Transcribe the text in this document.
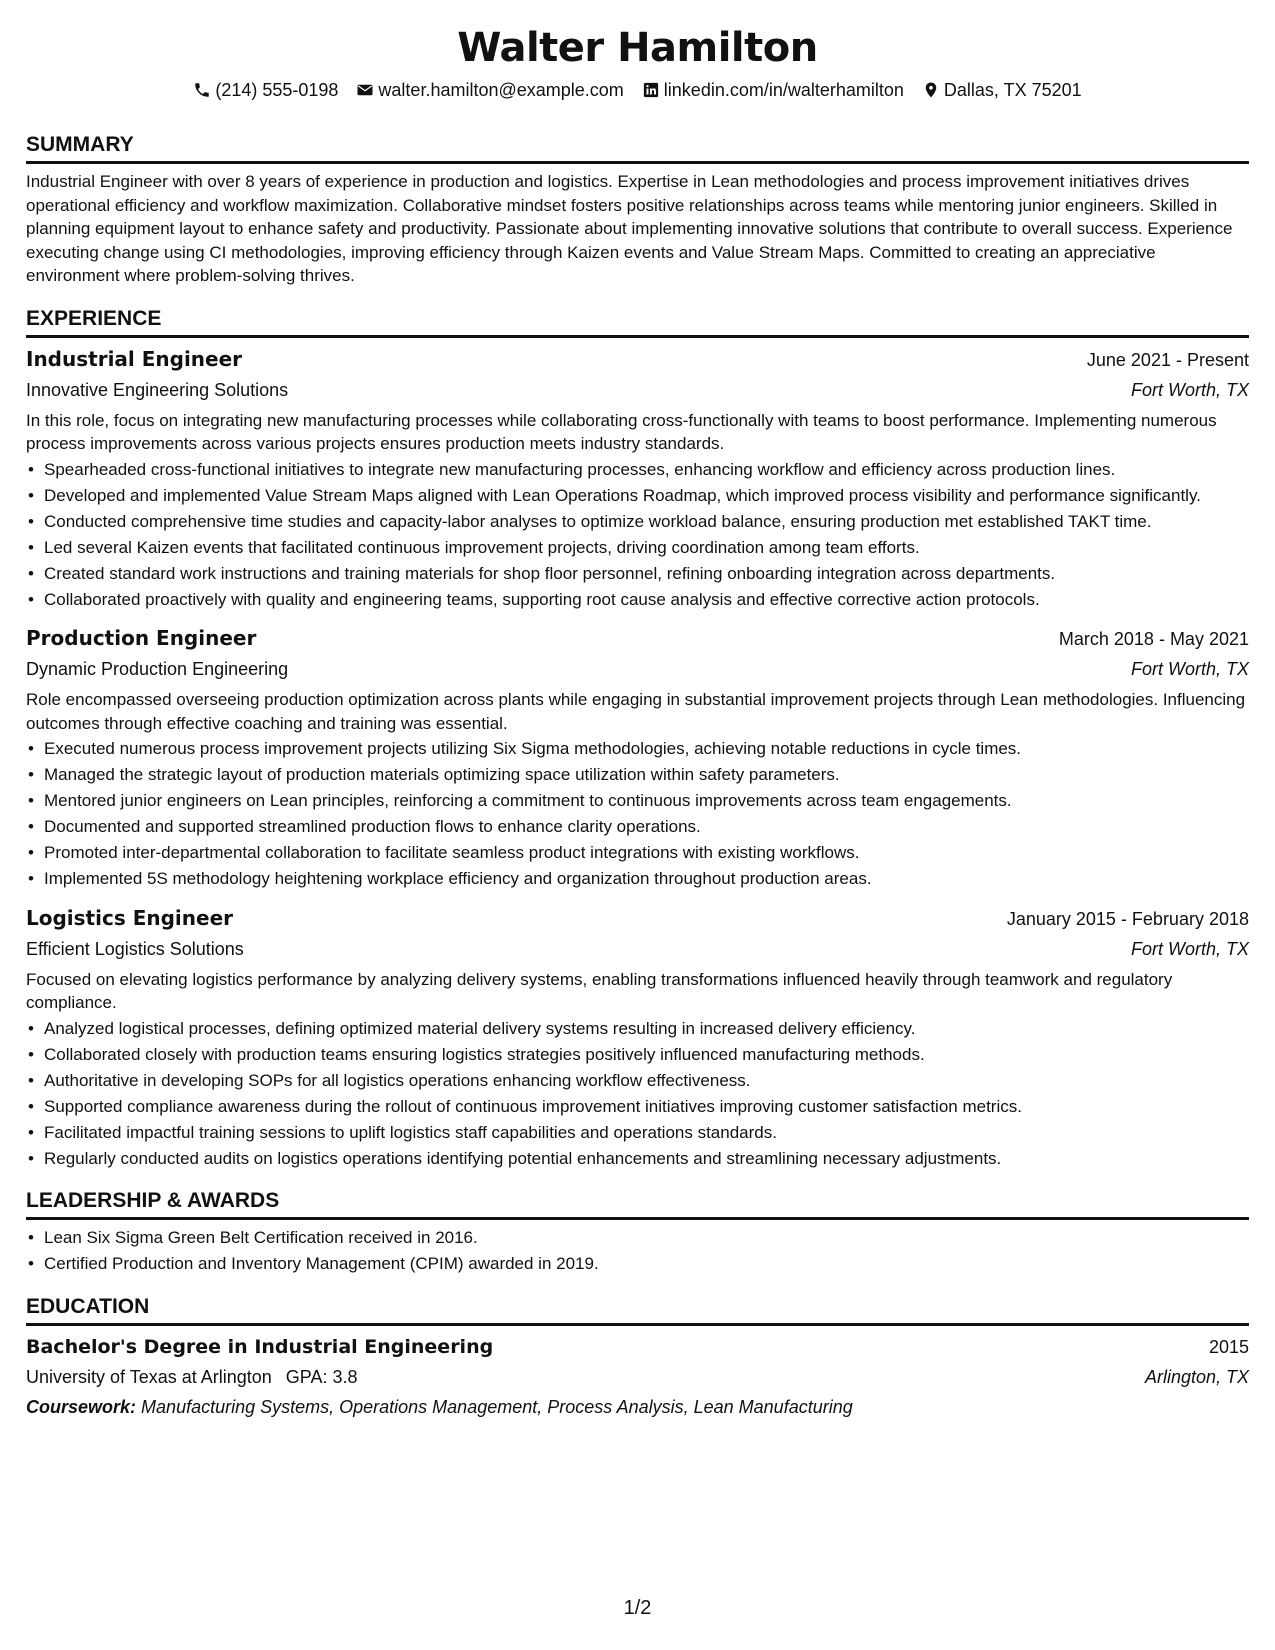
Walter Hamilton
(214) 555-0198 walter.hamilton@example.com linkedin.com/in/walterhamilton Dallas, TX 75201
SUMMARY

Industrial Engineer with over 8 years of experience in production and logistics. Expertise in Lean methodologies and process improvement initiatives drives operational efficiency and workflow maximization. Collaborative mindset fosters positive relationships across teams while mentoring junior engineers. Skilled in planning equipment layout to enhance safety and productivity. Passionate about implementing innovative solutions that contribute to overall success. Experience executing change using CI methodologies, improving efficiency through Kaizen events and Value Stream Maps. Committed to creating an appreciative environment where problem-solving thrives.

EXPERIENCE
Industrial Engineer	June 2021 - Present
Innovative Engineering Solutions	Fort Worth, TX

In this role, focus on integrating new manufacturing processes while collaborating cross-functionally with teams to boost performance. Implementing numerous process improvements across various projects ensures production meets industry standards.

• Spearheaded cross-functional initiatives to integrate new manufacturing processes, enhancing workflow and efficiency across production lines.
• Developed and implemented Value Stream Maps aligned with Lean Operations Roadmap, which improved process visibility and performance significantly.
• Conducted comprehensive time studies and capacity-labor analyses to optimize workload balance, ensuring production met established TAKT time.
• Led several Kaizen events that facilitated continuous improvement projects, driving coordination among team efforts.
• Created standard work instructions and training materials for shop floor personnel, refining onboarding integration across departments.
• Collaborated proactively with quality and engineering teams, supporting root cause analysis and effective corrective action protocols.
Production Engineer	March 2018 - May 2021
Dynamic Production Engineering	Fort Worth, TX

Role encompassed overseeing production optimization across plants while engaging in substantial improvement projects through Lean methodologies. Influencing outcomes through effective coaching and training was essential.

• Executed numerous process improvement projects utilizing Six Sigma methodologies, achieving notable reductions in cycle times.
• Managed the strategic layout of production materials optimizing space utilization within safety parameters.
• Mentored junior engineers on Lean principles, reinforcing a commitment to continuous improvements across team engagements.
• Documented and supported streamlined production flows to enhance clarity operations.
• Promoted inter-departmental collaboration to facilitate seamless product integrations with existing workflows.
• Implemented 5S methodology heightening workplace efficiency and organization throughout production areas.
Logistics Engineer	January 2015 - February 2018
Efficient Logistics Solutions	Fort Worth, TX

Focused on elevating logistics performance by analyzing delivery systems, enabling transformations influenced heavily through teamwork and regulatory compliance.

• Analyzed logistical processes, defining optimized material delivery systems resulting in increased delivery efficiency.
• Collaborated closely with production teams ensuring logistics strategies positively influenced manufacturing methods.
• Authoritative in developing SOPs for all logistics operations enhancing workflow effectiveness.
• Supported compliance awareness during the rollout of continuous improvement initiatives improving customer satisfaction metrics.
• Facilitated impactful training sessions to uplift logistics staff capabilities and operations standards.
• Regularly conducted audits on logistics operations identifying potential enhancements and streamlining necessary adjustments.
LEADERSHIP & AWARDS
• Lean Six Sigma Green Belt Certification received in 2016.
• Certified Production and Inventory Management (CPIM) awarded in 2019.
EDUCATION
Bachelor's Degree in Industrial Engineering	2015
University of Texas at Arlington GPA: 3.8	Arlington, TX
Coursework: Manufacturing Systems, Operations Management, Process Analysis, Lean Manufacturing
1/2
